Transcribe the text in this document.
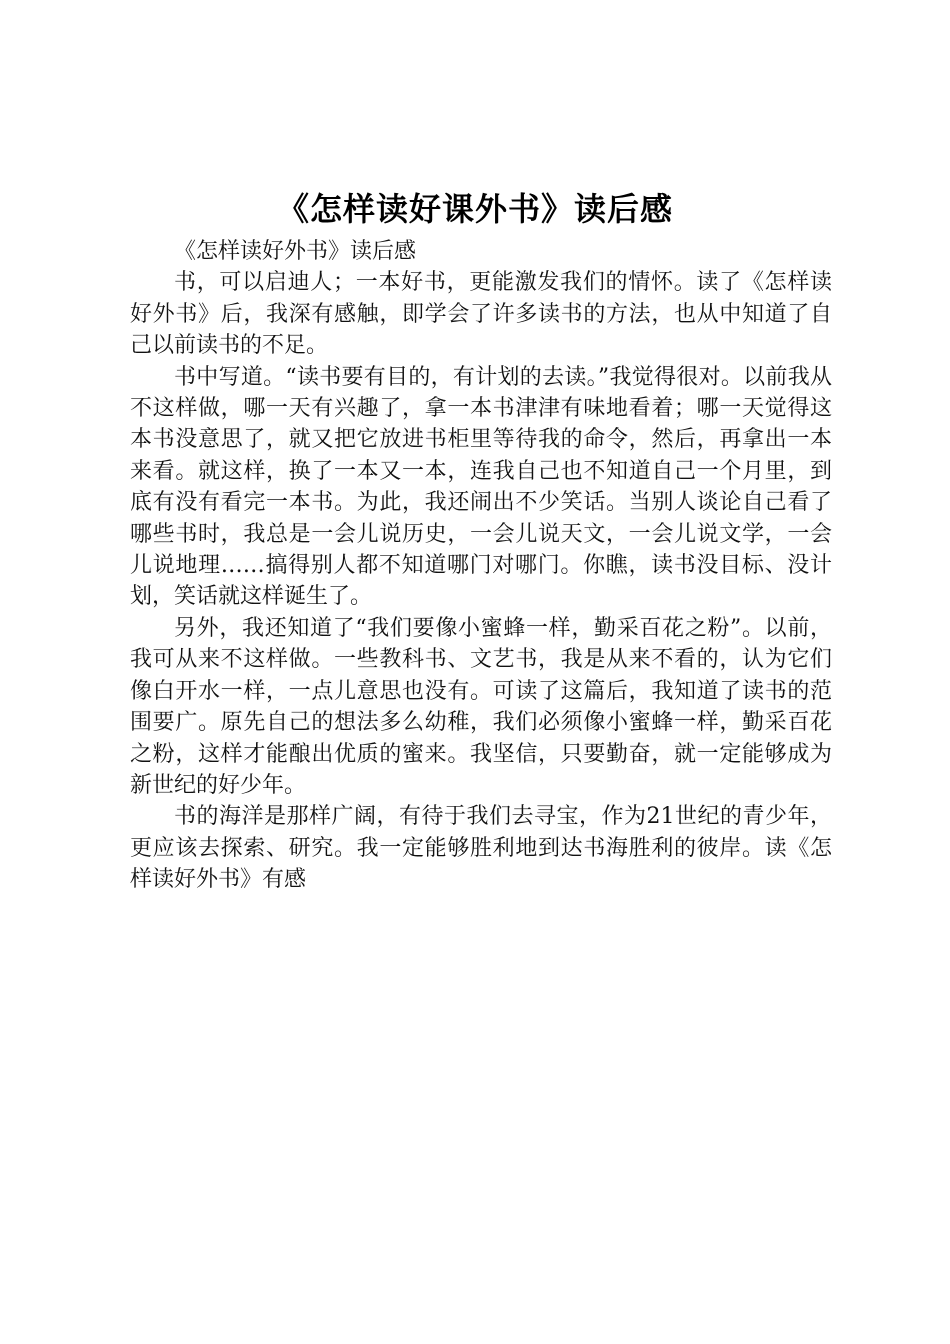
《怎样读好课外书》读后感

《怎样读好外书》读后感

书，可以启迪人；一本好书，更能激发我们的情怀。读了《怎样读好外书》后，我深有感触，即学会了许多读书的方法，也从中知道了自己以前读书的不足。

书中写道。“读书要有目的，有计划的去读。”我觉得很对。以前我从不这样做，哪一天有兴趣了，拿一本书津津有味地看着；哪一天觉得这本书没意思了，就又把它放进书柜里等待我的命令，然后，再拿出一本来看。就这样，换了一本又一本，连我自己也不知道自己一个月里，到底有没有看完一本书。为此，我还闹出不少笑话。当别人谈论自己看了哪些书时，我总是一会儿说历史，一会儿说天文，一会儿说文学，一会儿说地理……搞得别人都不知道哪门对哪门。你瞧，读书没目标、没计划，笑话就这样诞生了。

另外，我还知道了“我们要像小蜜蜂一样，勤采百花之粉”。以前，我可从来不这样做。一些教科书、文艺书，我是从来不看的，认为它们像白开水一样，一点儿意思也没有。可读了这篇后，我知道了读书的范围要广。原先自己的想法多么幼稚，我们必须像小蜜蜂一样，勤采百花之粉，这样才能酿出优质的蜜来。我坚信，只要勤奋，就一定能够成为新世纪的好少年。

书的海洋是那样广阔，有待于我们去寻宝，作为21世纪的青少年，更应该去探索、研究。我一定能够胜利地到达书海胜利的彼岸。读《怎样读好外书》有感
